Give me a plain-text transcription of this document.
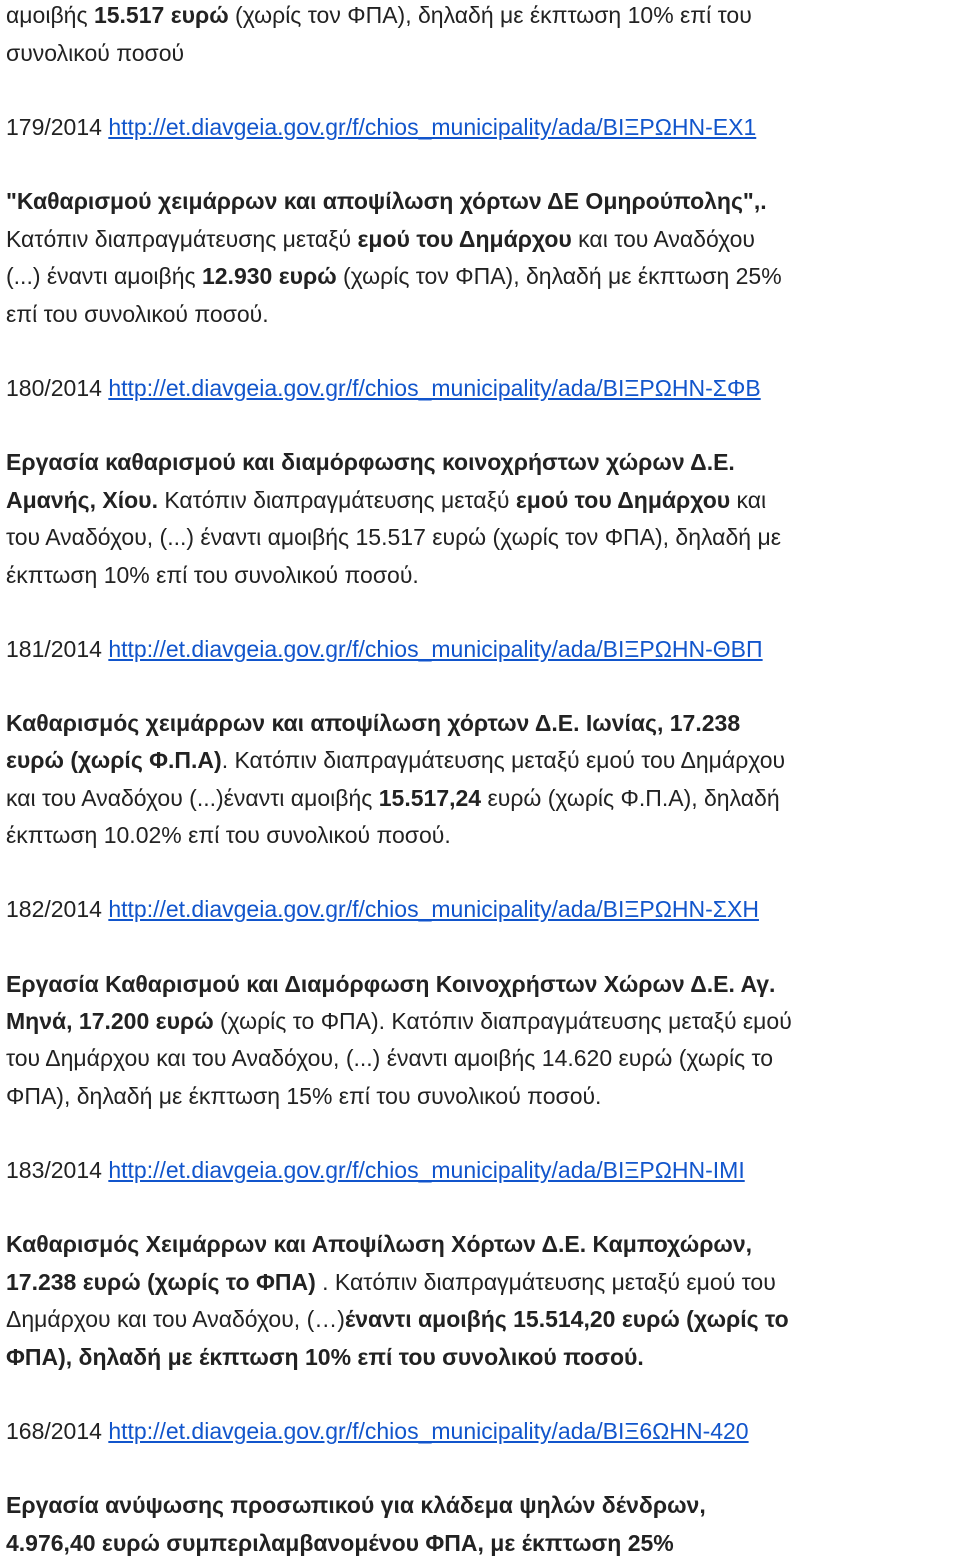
αμοιβής 15.517 ευρώ (χωρίς τον ΦΠΑ), δηλαδή με έκπτωση 10% επί του
συνολικού ποσού
179/2014 http://et.diavgeia.gov.gr/f/chios_municipality/ada/ΒΙΞΡΩΗΝ-ΕΧ1
"Καθαρισμού χειμάρρων και αποψίλωση χόρτων ΔΕ Ομηρούπολης",.
Κατόπιν διαπραγμάτευσης μεταξύ εμού του Δημάρχου και του Αναδόχου
(...) έναντι αμοιβής 12.930 ευρώ (χωρίς τον ΦΠΑ), δηλαδή με έκπτωση 25%
επί του συνολικού ποσού.
180/2014 http://et.diavgeia.gov.gr/f/chios_municipality/ada/ΒΙΞΡΩΗΝ-ΣΦΒ
Εργασία καθαρισμού και διαμόρφωσης κοινοχρήστων χώρων Δ.Ε.
Αμανής, Χίου. Κατόπιν διαπραγμάτευσης μεταξύ εμού του Δημάρχου και
του Αναδόχου, (...) έναντι αμοιβής 15.517 ευρώ (χωρίς τον ΦΠΑ), δηλαδή με
έκπτωση 10% επί του συνολικού ποσού.
181/2014 http://et.diavgeia.gov.gr/f/chios_municipality/ada/ΒΙΞΡΩΗΝ-ΘΒΠ
Καθαρισμός χειμάρρων και αποψίλωση χόρτων Δ.Ε. Ιωνίας, 17.238
ευρώ (χωρίς Φ.Π.Α). Κατόπιν διαπραγμάτευσης μεταξύ εμού του Δημάρχου
και του Αναδόχου (...)έναντι αμοιβής 15.517,24 ευρώ (χωρίς Φ.Π.Α), δηλαδή
έκπτωση 10.02% επί του συνολικού ποσού.
182/2014 http://et.diavgeia.gov.gr/f/chios_municipality/ada/ΒΙΞΡΩΗΝ-ΣΧΗ
Εργασία Καθαρισμού και Διαμόρφωση Κοινοχρήστων Χώρων Δ.Ε. Αγ.
Μηνά, 17.200 ευρώ (χωρίς το ΦΠΑ). Κατόπιν διαπραγμάτευσης μεταξύ εμού
του Δημάρχου και του Αναδόχου, (...) έναντι αμοιβής 14.620 ευρώ (χωρίς το
ΦΠΑ), δηλαδή με έκπτωση 15% επί του συνολικού ποσού.
183/2014 http://et.diavgeia.gov.gr/f/chios_municipality/ada/ΒΙΞΡΩΗΝ-ΙΜΙ
Καθαρισμός Χειμάρρων και Αποψίλωση Χόρτων Δ.Ε. Καμποχώρων,
17.238 ευρώ (χωρίς το ΦΠΑ) . Κατόπιν διαπραγμάτευσης μεταξύ εμού του
Δημάρχου και του Αναδόχου, (…)έναντι αμοιβής 15.514,20 ευρώ (χωρίς το
ΦΠΑ), δηλαδή με έκπτωση 10% επί του συνολικού ποσού.
168/2014 http://et.diavgeia.gov.gr/f/chios_municipality/ada/ΒΙΞ6ΩΗΝ-420
Εργασία ανύψωσης προσωπικού για κλάδεμα ψηλών δένδρων,
4.976,40 ευρώ συμπεριλαμβανομένου ΦΠΑ, με έκπτωση 25%
